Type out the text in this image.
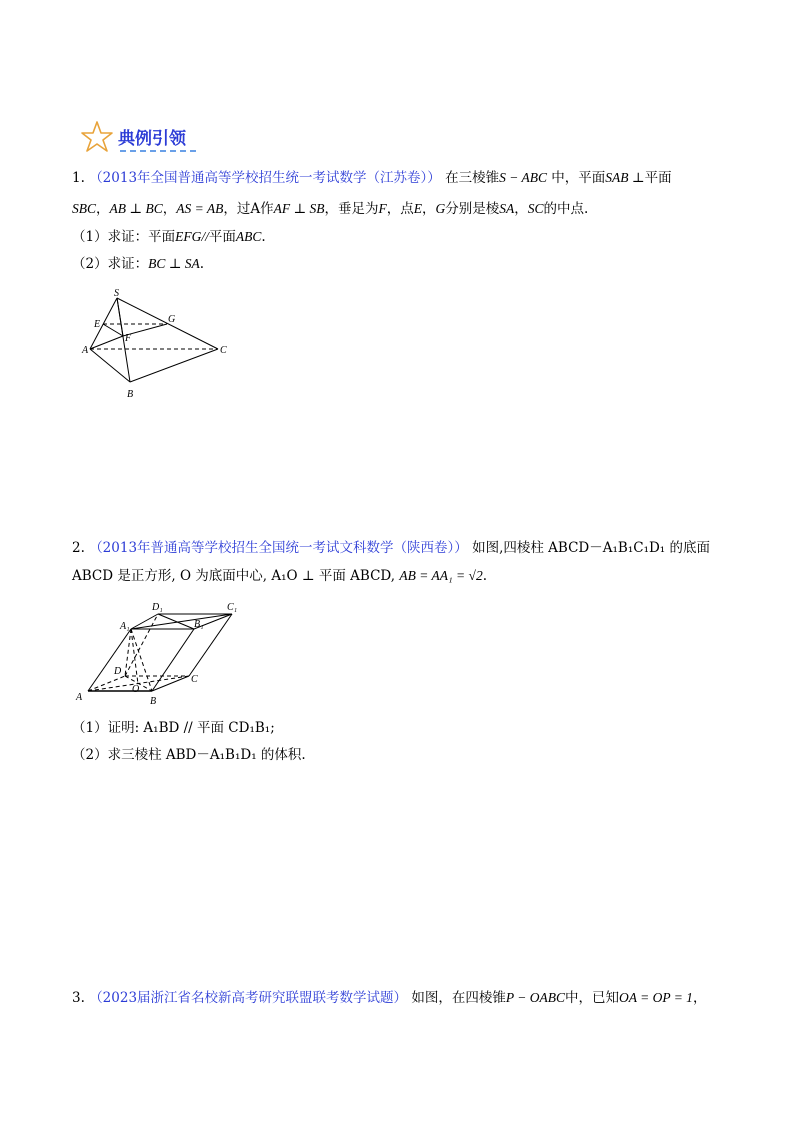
典例引领
1. （2013年全国普通高等学校招生统一考试数学（江苏卷）） 在三棱锥S − ABC 中，平面SAB ⊥平面
SBC，AB ⊥ BC，AS = AB，过A作AF ⊥ SB，垂足为F，点E，G分别是棱SA，SC的中点.
（1）求证：平面EFG//平面ABC.
（2）求证：BC ⊥ SA.
S
E	G
F
A	C
B
2. （2013年普通高等学校招生全国统一考试文科数学（陕西卷）） 如图,四棱柱 ABCD－A₁B₁C₁D₁ 的底面
ABCD 是正方形, O 为底面中心, A₁O ⊥ 平面 ABCD, AB = AA₁ = √2.
D₁	C₁
A₁	B₁
D
C
O
A	B
（1）证明: A₁BD // 平面 CD₁B₁;
（2）求三棱柱 ABD－A₁B₁D₁ 的体积.
3. （2023届浙江省名校新高考研究联盟联考数学试题） 如图，在四棱锥P − OABC中，已知OA = OP = 1，
